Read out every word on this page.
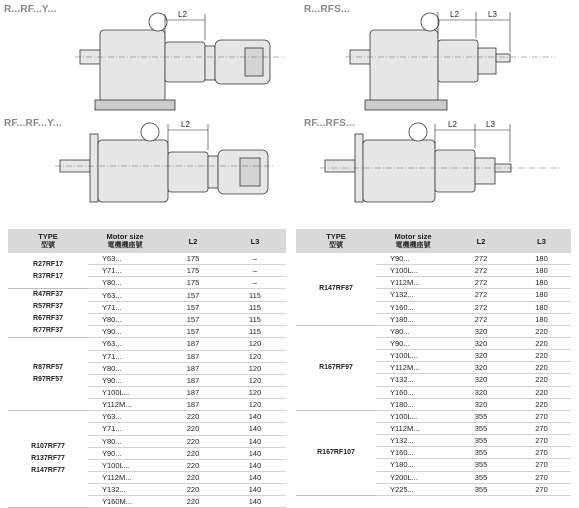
R...RF...Y...	L2	R...RFS...	L2	L3
RF...RF...Y...	L2	RF...RFS...	L2	L3
TYPE
型號	Motor size
電機機座號	L2	L3

R27RF17
R37RF17	Y63...	175	–
	Y71...	175	–
	Y80...	175	–

R47RF37
R57RF37
R67RF37
R77RF37	Y63...	157	115
	Y71...	157	115
	Y80...	157	115
	Y90...	157	115

R87RF57
R97RF57	Y63...	187	120
	Y71...	187	120
	Y80...	187	120
	Y90...	187	120
	Y100L...	187	120
	Y112M...	187	120

R107RF77
R137RF77
R147RF77	Y63...	220	140
	Y71...	220	140
	Y80...	220	140
	Y90...	220	140
	Y100L...	220	140
	Y112M...	220	140
	Y132...	220	140
	Y160M...	220	140
TYPE
型號	Motor size
電機機座號	L2	L3

R147RF87	Y90...	272	180
	Y100L...	272	180
	Y112M...	272	180
	Y132...	272	180
	Y160...	272	180
	Y180...	272	180

R167RF97	Y80...	320	220
	Y90...	320	220
	Y100L...	320	220
	Y112M...	320	220
	Y132...	320	220
	Y160...	320	220
	Y180...	320	220

R167RF107	Y100L...	355	270
	Y112M...	355	270
	Y132...	355	270
	Y160...	355	270
	Y180...	355	270
	Y200L...	355	270
	Y225...	355	270
